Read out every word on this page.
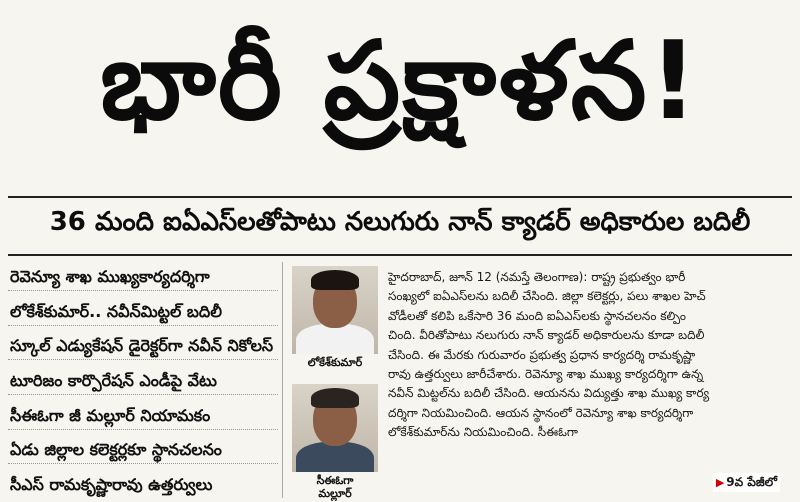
భారీ ప్రక్షాళన!
36 మంది ఐఏఎస్‌లతోపాటు నలుగురు నాన్ క్యాడర్ అధికారుల బదిలీ
రెవెన్యూ శాఖ ముఖ్యకార్యదర్శిగా
లోకేశ్‌కుమార్.. నవీన్‌మిట్టల్ బదిలీ
స్కూల్ ఎడ్యుకేషన్ డైరెక్టర్‌గా నవీన్ నికోలస్
టూరిజం కార్పొరేషన్ ఎండీపై వేటు
సీఈఓగా జీ మల్లూర్ నియామకం
ఏడు జిల్లాల కలెక్టర్లకూ స్థానచలనం
సీఎస్ రామకృష్ణారావు ఉత్తర్వులు
లోకేశ్‌కుమార్
సీఈఓగా
మల్లూర్

హైదరాబాద్, జూన్ 12 (నమస్తే తెలంగాణ): రాష్ట్ర ప్రభుత్వం భారీ

సంఖ్యలో ఐఏఎస్‌లను బదిలీ చేసింది. జిల్లా కలెక్టర్లు, పలు శాఖల హెచ్

వోడీలతో కలిపి ఒకేసారి 36 మంది ఐఏఎస్‌లకు స్థానచలనం కల్పిం

చింది. వీరితోపాటు నలుగురు నాన్ క్యాడర్ అధికారులను కూడా బదిలీ

చేసింది. ఈ మేరకు గురువారం ప్రభుత్వ ప్రధాన కార్యదర్శి రామకృష్ణా

రావు ఉత్తర్వులు జారీచేశారు. రెవెన్యూ శాఖ ముఖ్య కార్యదర్శిగా ఉన్న

నవీన్ మిట్టల్‌ను బదిలీ చేసింది. ఆయనను విద్యుత్తు శాఖ ముఖ్య కార్య

దర్శిగా నియమించింది. ఆయన స్థానంలో రెవెన్యూ శాఖ కార్యదర్శిగా

లోకేశ్‌కుమార్‌ను నియమించింది. సీఈఓగా

▶ 9వ పేజీలో
